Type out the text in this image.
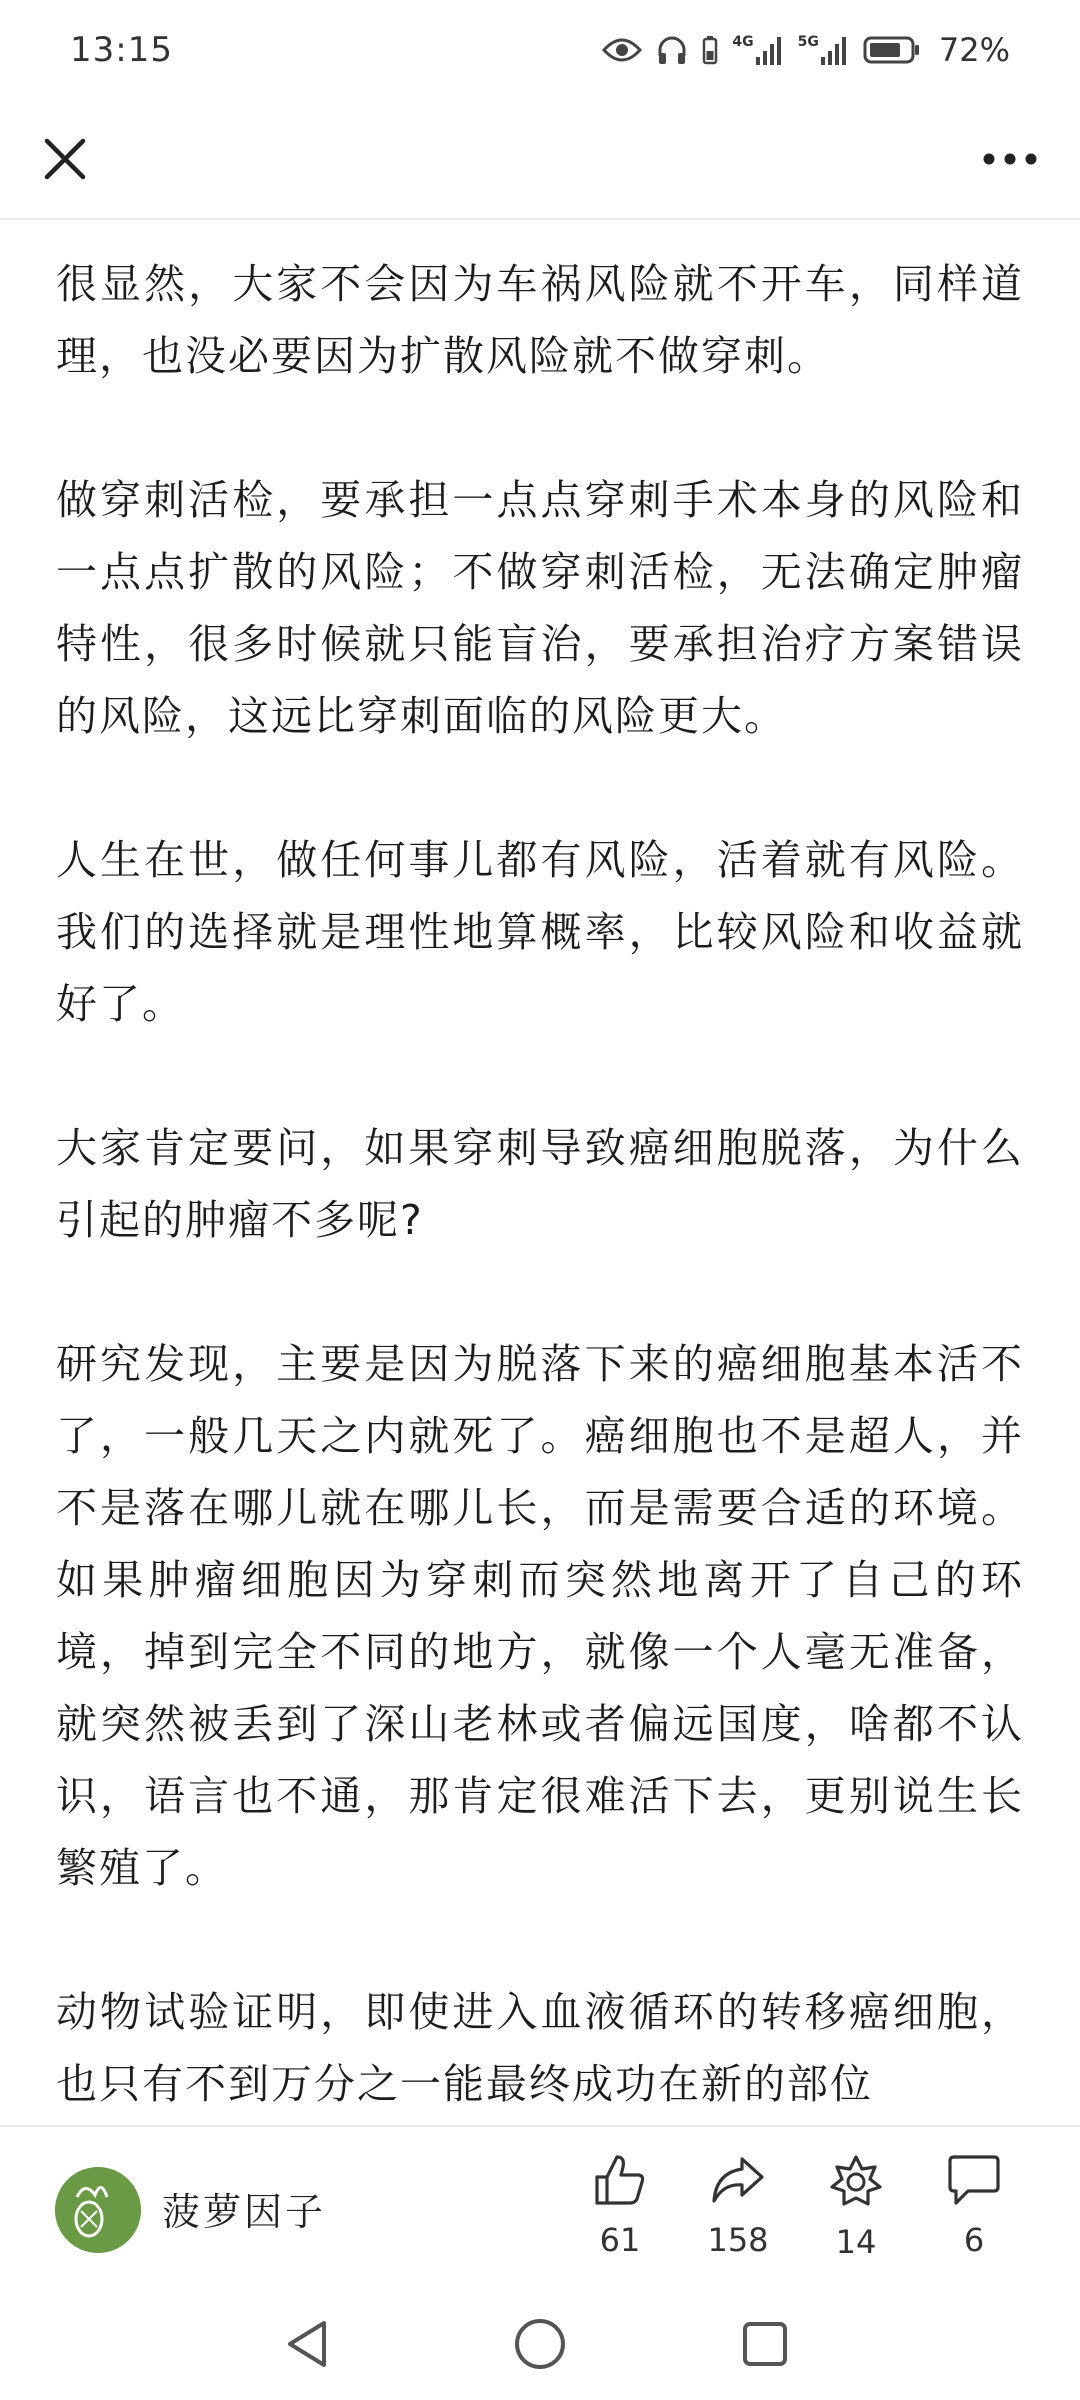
13:15	4G	5G	72%

很显然，大家不会因为车祸风险就不开车，同样道理，也没必要因为扩散风险就不做穿刺。

做穿刺活检，要承担一点点穿刺手术本身的风险和一点点扩散的风险；不做穿刺活检，无法确定肿瘤特性，很多时候就只能盲治，要承担治疗方案错误的风险，这远比穿刺面临的风险更大。

人生在世，做任何事儿都有风险，活着就有风险。我们的选择就是理性地算概率，比较风险和收益就好了。

大家肯定要问，如果穿刺导致癌细胞脱落，为什么引起的肿瘤不多呢?

研究发现，主要是因为脱落下来的癌细胞基本活不了，一般几天之内就死了。癌细胞也不是超人，并不是落在哪儿就在哪儿长，而是需要合适的环境。如果肿瘤细胞因为穿刺而突然地离开了自己的环境，掉到完全不同的地方，就像一个人毫无准备，就突然被丢到了深山老林或者偏远国度，啥都不认识，语言也不通，那肯定很难活下去，更别说生长繁殖了。

动物试验证明，即使进入血液循环的转移癌细胞，也只有不到万分之一能最终成功在新的部位

菠萝因子
61 158 14	6
